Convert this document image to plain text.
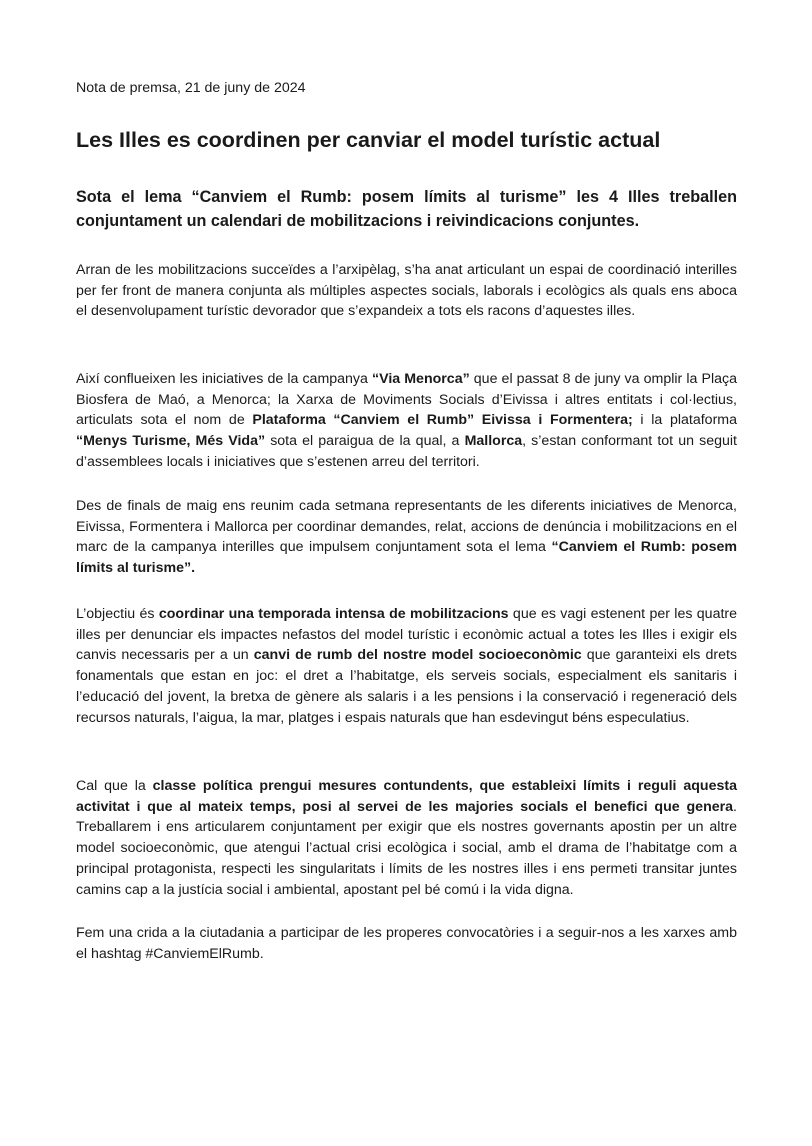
Nota de premsa, 21 de juny de 2024
Les Illes es coordinen per canviar el model turístic actual

Sota el lema “Canviem el Rumb: posem límits al turisme” les 4 Illes treballen conjuntament un calendari de mobilitzacions i reivindicacions conjuntes.

Arran de les mobilitzacions succeïdes a l’arxipèlag, s’ha anat articulant un espai de coordinació interilles per fer front de manera conjunta als múltiples aspectes socials, laborals i ecològics als quals ens aboca el desenvolupament turístic devorador que s’expandeix a tots els racons d’aquestes illes.

Així conflueixen les iniciatives de la campanya “Via Menorca” que el passat 8 de juny va omplir la Plaça Biosfera de Maó, a Menorca; la Xarxa de Moviments Socials d’Eivissa i altres entitats i col·lectius, articulats sota el nom de Plataforma “Canviem el Rumb” Eivissa i Formentera; i la plataforma “Menys Turisme, Més Vida” sota el paraigua de la qual, a Mallorca, s’estan conformant tot un seguit d’assemblees locals i iniciatives que s’estenen arreu del territori.

Des de finals de maig ens reunim cada setmana representants de les diferents iniciatives de Menorca, Eivissa, Formentera i Mallorca per coordinar demandes, relat, accions de denúncia i mobilitzacions en el marc de la campanya interilles que impulsem conjuntament sota el lema “Canviem el Rumb: posem límits al turisme”.

L’objectiu és coordinar una temporada intensa de mobilitzacions que es vagi estenent per les quatre illes per denunciar els impactes nefastos del model turístic i econòmic actual a totes les Illes i exigir els canvis necessaris per a un canvi de rumb del nostre model socioeconòmic que garanteixi els drets fonamentals que estan en joc: el dret a l’habitatge, els serveis socials, especialment els sanitaris i l’educació del jovent, la bretxa de gènere als salaris i a les pensions i la conservació i regeneració dels recursos naturals, l’aigua, la mar, platges i espais naturals que han esdevingut béns especulatius.

Cal que la classe política prengui mesures contundents, que estableixi límits i reguli aquesta activitat i que al mateix temps, posi al servei de les majories socials el benefici que genera. Treballarem i ens articularem conjuntament per exigir que els nostres governants apostin per un altre model socioeconòmic, que atengui l’actual crisi ecològica i social, amb el drama de l’habitatge com a principal protagonista, respecti les singularitats i límits de les nostres illes i ens permeti transitar juntes camins cap a la justícia social i ambiental, apostant pel bé comú i la vida digna.

Fem una crida a la ciutadania a participar de les properes convocatòries i a seguir-nos a les xarxes amb el hashtag #CanviemElRumb.
